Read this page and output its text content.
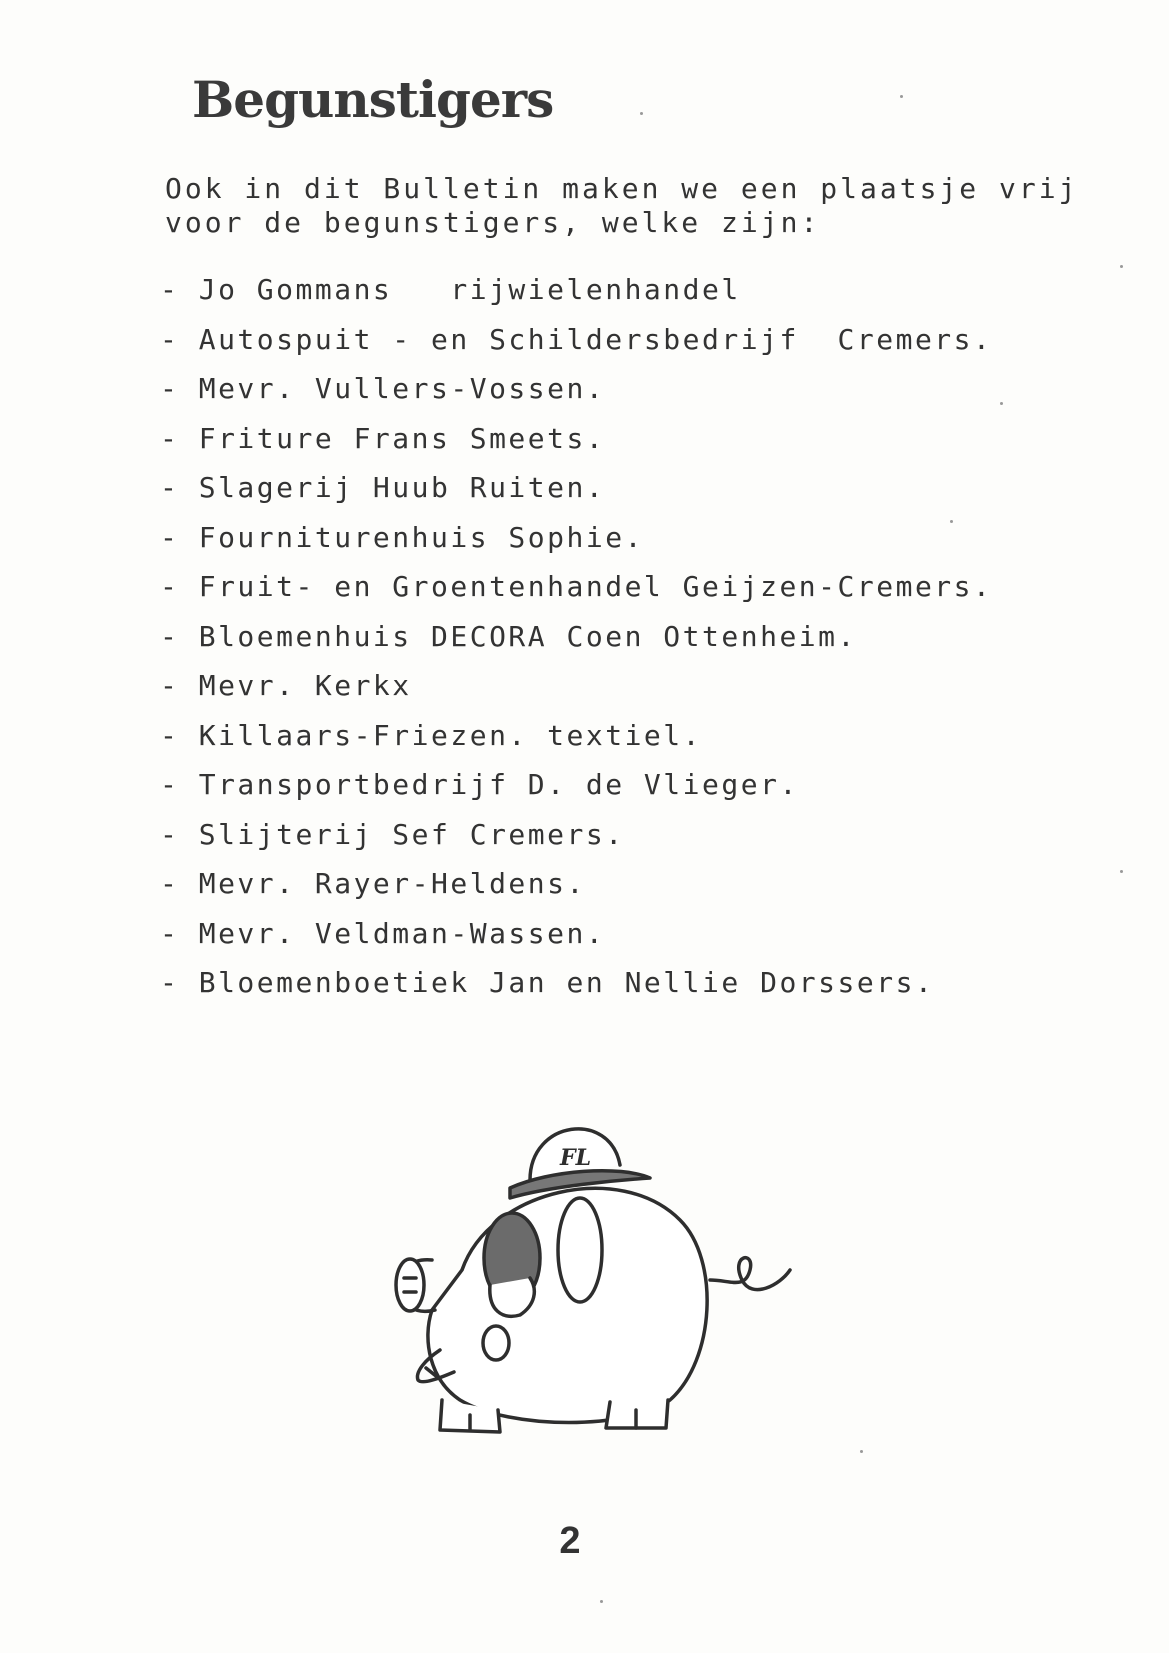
Begunstigers
Ook in dit Bulletin maken we een plaatsje vrij
voor de begunstigers, welke zijn:
- Jo Gommans   rijwielenhandel
- Autospuit - en Schildersbedrijf  Cremers.
- Mevr. Vullers-Vossen.
- Friture Frans Smeets.
- Slagerij Huub Ruiten.
- Fourniturenhuis Sophie.
- Fruit- en Groentenhandel Geijzen-Cremers.
- Bloemenhuis DECORA Coen Ottenheim.
- Mevr. Kerkx
- Killaars-Friezen. textiel.
- Transportbedrijf D. de Vlieger.
- Slijterij Sef Cremers.
- Mevr. Rayer-Heldens.
- Mevr. Veldman-Wassen.
- Bloemenboetiek Jan en Nellie Dorssers.
FL
2
